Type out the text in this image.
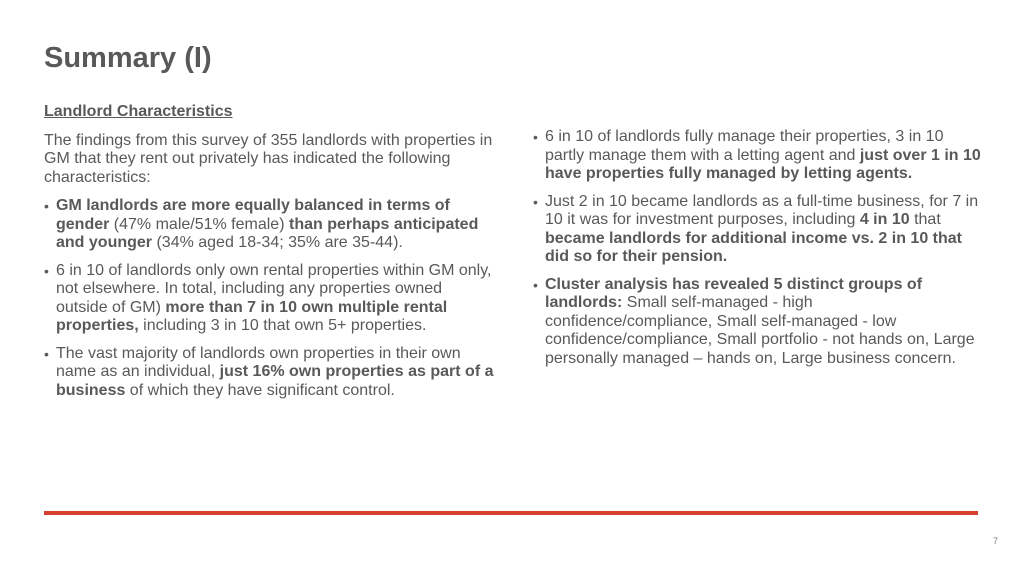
Summary (I)
Landlord Characteristics

The findings from this survey of 355 landlords with properties in GM that they rent out privately has indicated the following characteristics:

• GM landlords are more equally balanced in terms of gender (47% male/51% female) than perhaps anticipated and younger (34% aged 18-34; 35% are 35-44).
• 6 in 10 of landlords only own rental properties within GM only, not elsewhere. In total, including any properties owned outside of GM) more than 7 in 10 own multiple rental properties, including 3 in 10 that own 5+ properties.
• The vast majority of landlords own properties in their own name as an individual, just 16% own properties as part of a business of which they have significant control.
• 6 in 10 of landlords fully manage their properties, 3 in 10 partly manage them with a letting agent and just over 1 in 10 have properties fully managed by letting agents.
• Just 2 in 10 became landlords as a full-time business, for 7 in 10 it was for investment purposes, including 4 in 10 that became landlords for additional income vs. 2 in 10 that did so for their pension.
• Cluster analysis has revealed 5 distinct groups of landlords: Small self-managed - high confidence/compliance, Small self-managed - low confidence/compliance, Small portfolio - not hands on, Large personally managed – hands on, Large business concern.
7
